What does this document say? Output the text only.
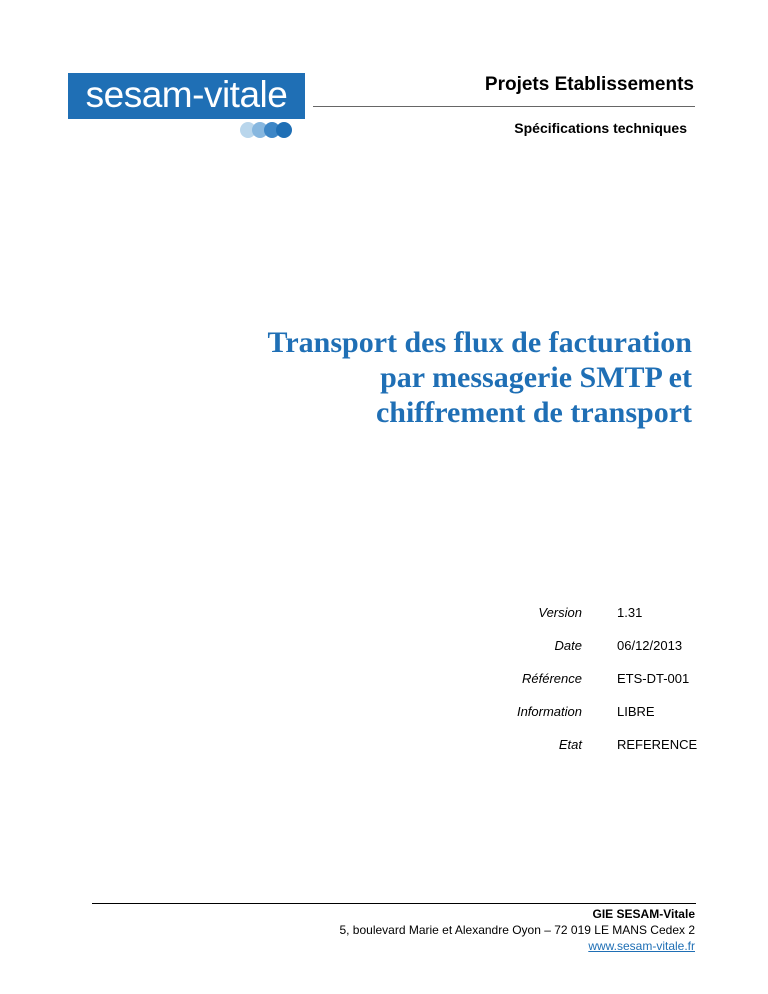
sesam-vitale	Projets Etablissements
Spécifications techniques
Transport des flux de facturation
par messagerie SMTP et
chiffrement de transport
Version	1.31
Date	06/12/2013
Référence	ETS-DT-001
Information	LIBRE
Etat	REFERENCE
GIE SESAM-Vitale
5, boulevard Marie et Alexandre Oyon – 72 019 LE MANS Cedex 2
www.sesam-vitale.fr
